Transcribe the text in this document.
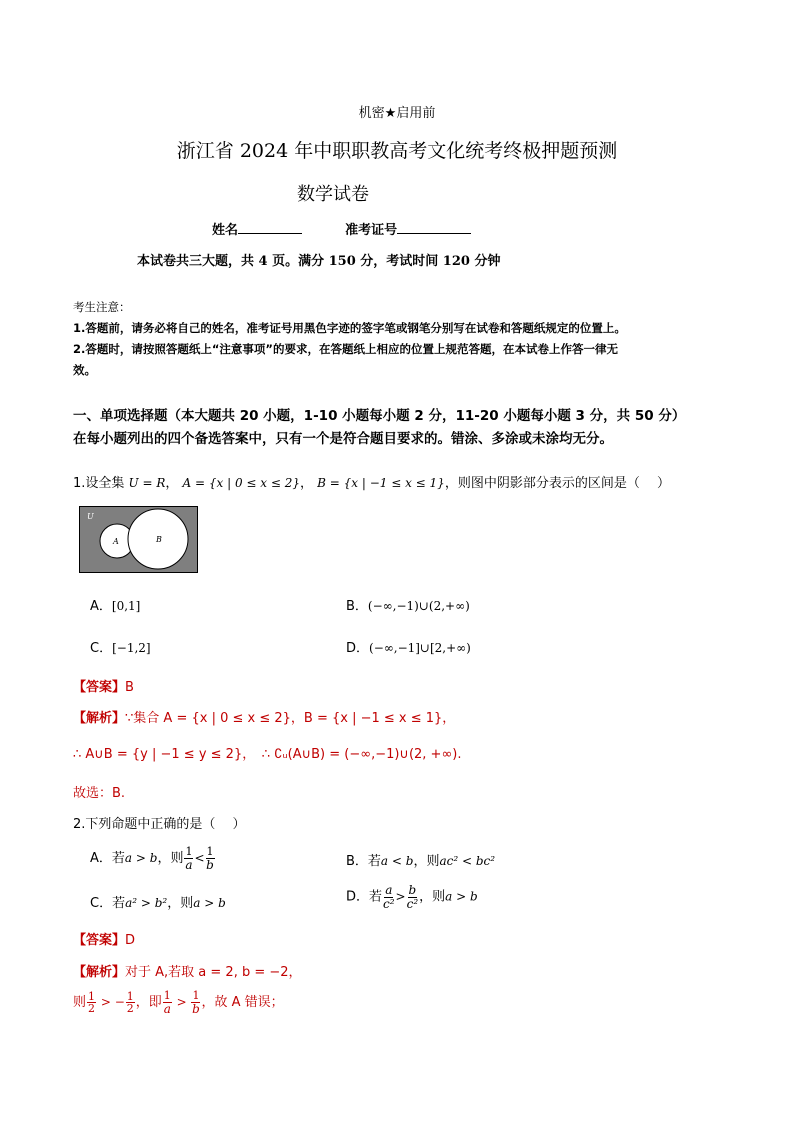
机密★启用前
浙江省 2024 年中职职教高考文化统考终极押题预测
数学试卷
姓名	准考证号
本试卷共三大题，共 4 页。满分 150 分，考试时间 120 分钟
考生注意：
1.答题前，请务必将自己的姓名，准考证号用黑色字迹的签字笔或钢笔分别写在试卷和答题纸规定的位置上。
2.答题时，请按照答题纸上“注意事项”的要求，在答题纸上相应的位置上规范答题，在本试卷上作答一律无
效。
一、单项选择题（本大题共 20 小题，1-10 小题每小题 2 分，11-20 小题每小题 3 分，共 50 分）
在每小题列出的四个备选答案中，只有一个是符合题目要求的。错涂、多涂或未涂均无分。
1.设全集 U = R， A = {x | 0 ≤ x ≤ 2}， B = {x | −1 ≤ x ≤ 1}，则图中阴影部分表示的区间是（　 ）
U
A	B
A．[0,1]	B．(−∞,−1)∪(2,+∞)
C．[−1,2]	D．(−∞,−1]∪[2,+∞)
【答案】B
【解析】∵集合 A = {x | 0 ≤ x ≤ 2}，B = {x | −1 ≤ x ≤ 1}，
∴ A∪B = {y | −1 ≤ y ≤ 2}，　∴ ∁ᵤ(A∪B) = (−∞,−1)∪(2, +∞).
故选：B.
2.下列命题中正确的是（　 ）
A．若a > b，则 $\frac{1}{a} < \frac{1}{b}$	B．若a < b，则ac² < bc²
C．若a² > b²，则a > b	D．若 $\frac{a}{\text{c²}} > \frac{b}{\text{c²}}$ ，则a > b
【答案】D
【解析】对于 A,若取 a = 2, b = −2，
则 $\frac{1}{2}$ > − $\frac{1}{2}$ ，即 $\frac{1}{a} > \frac{1}{b}$ ，故 A 错误；
